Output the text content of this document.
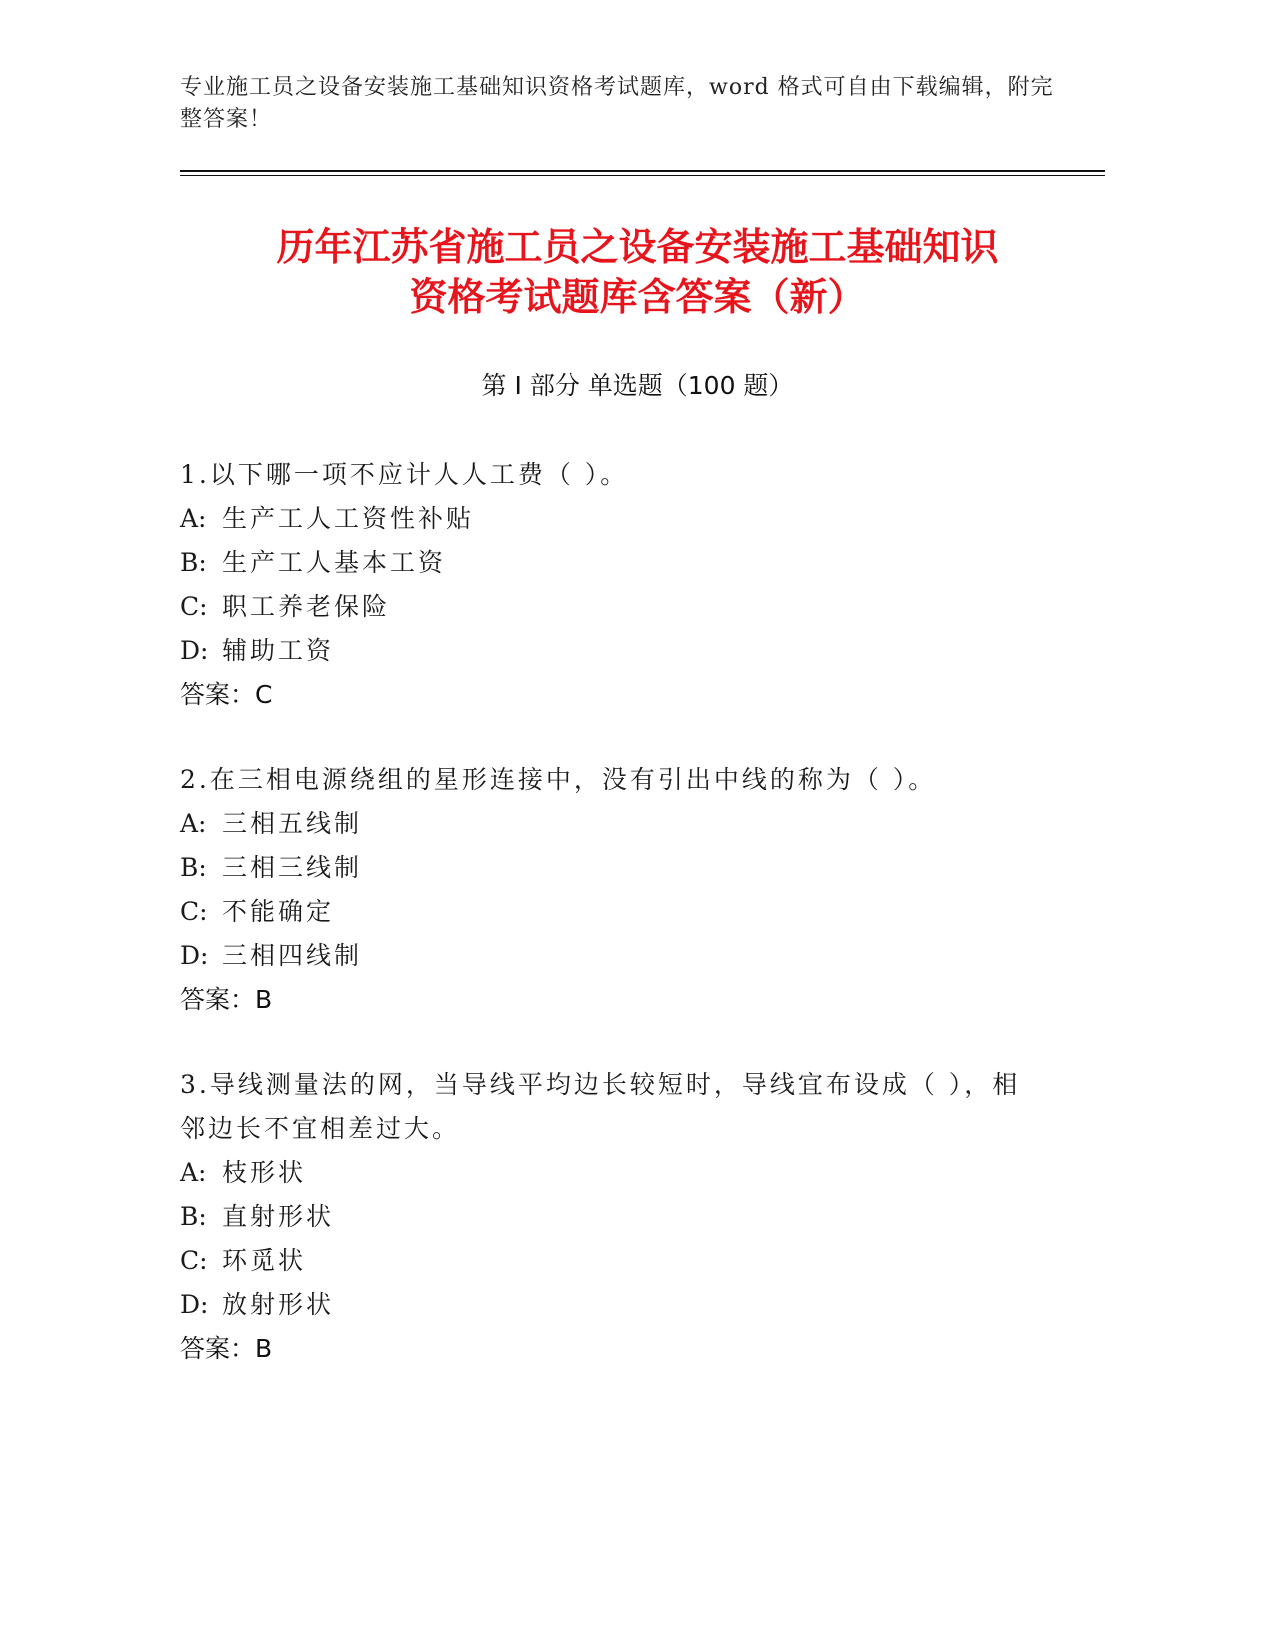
专业施工员之设备安装施工基础知识资格考试题库，word 格式可自由下载编辑，附完整答案！
历年江苏省施工员之设备安装施工基础知识
资格考试题库含答案（新）
第 I 部分 单选题（100 题）
1.以下哪一项不应计人人工费（ ）。
A: 生产工人工资性补贴
B: 生产工人基本工资
C: 职工养老保险
D: 辅助工资
答案：C
2.在三相电源绕组的星形连接中，没有引出中线的称为（ ）。
A: 三相五线制
B: 三相三线制
C: 不能确定
D: 三相四线制
答案：B
3.导线测量法的网，当导线平均边长较短时，导线宜布设成（ ），相邻边长不宜相差过大。
A: 枝形状
B: 直射形状
C: 环觅状
D: 放射形状
答案：B
